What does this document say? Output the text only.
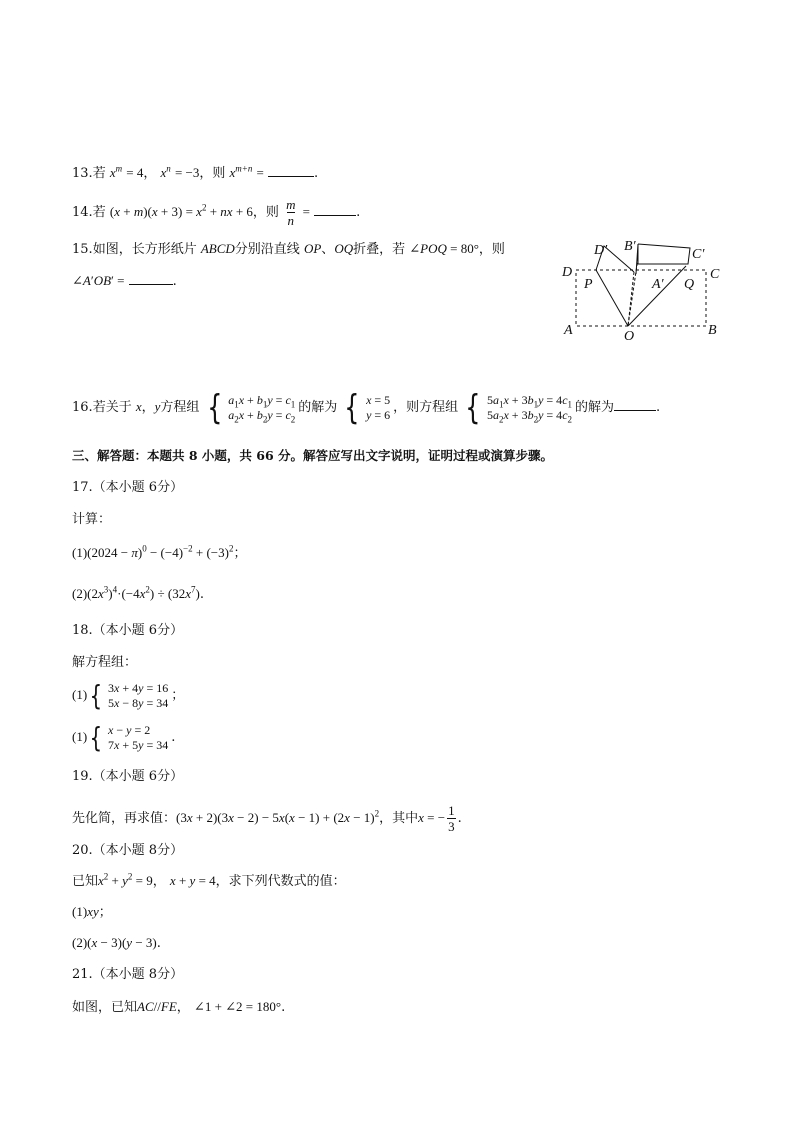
13.若 $x^m = 4$， $x^n = -3$，则 $x^{m+n}$ =	.
14.若 $(x + m)(x + 3) = x^2$ + nx + 6，则 $\frac{m}{n}$ =	.
15.如图，长方形纸片 ABCD分别沿直线 OP、OQ折叠，若 ∠POQ = 80°，则
∠A′OB′ =	.
D′ B′
C′
D	C
P	A′ Q
A	O	B
16.若关于 x，y方程组 { $a_1x + b_1y = c_1$
$a_2x + b_2y = c_2$
的解为 { x = 5
y = 6 ，则方程组 { $5a_1x + 3b_1y = 4c_1$
$5a_2x + 3b_2y = 4c_2$
的解为	.
三、解答题：本题共 8 小题，共 66 分。解答应写出文字说明，证明过程或演算步骤。
17.（本小题 6分）
计算：
$(1)(2024 - \pi)^0 - (-4)^{-2} + (-3)^2$；
$(2)(2x^3)^4\cdot(-4x^2) \div (32x^7)$.
18.（本小题 6分）
解方程组：
(1) { 3x + 4y = 16
5x − 8y = 34 ；
(1) { x − y = 2
7x + 5y = 34 .
19.（本小题 6分）
先化简，再求值：$(3x + 2)(3x - 2) - 5x(x - 1) + (2x - 1)^2$，其中x = − $\frac{1}{3}$ .
20.（本小题 8分）
已知$x^2 + y^2 = 9$， x + y = 4，求下列代数式的值：
(1)xy；
(2)(x − 3)(y − 3).
21.（本小题 8分）
如图，已知AC//FE， ∠1 + ∠2 = 180°.
